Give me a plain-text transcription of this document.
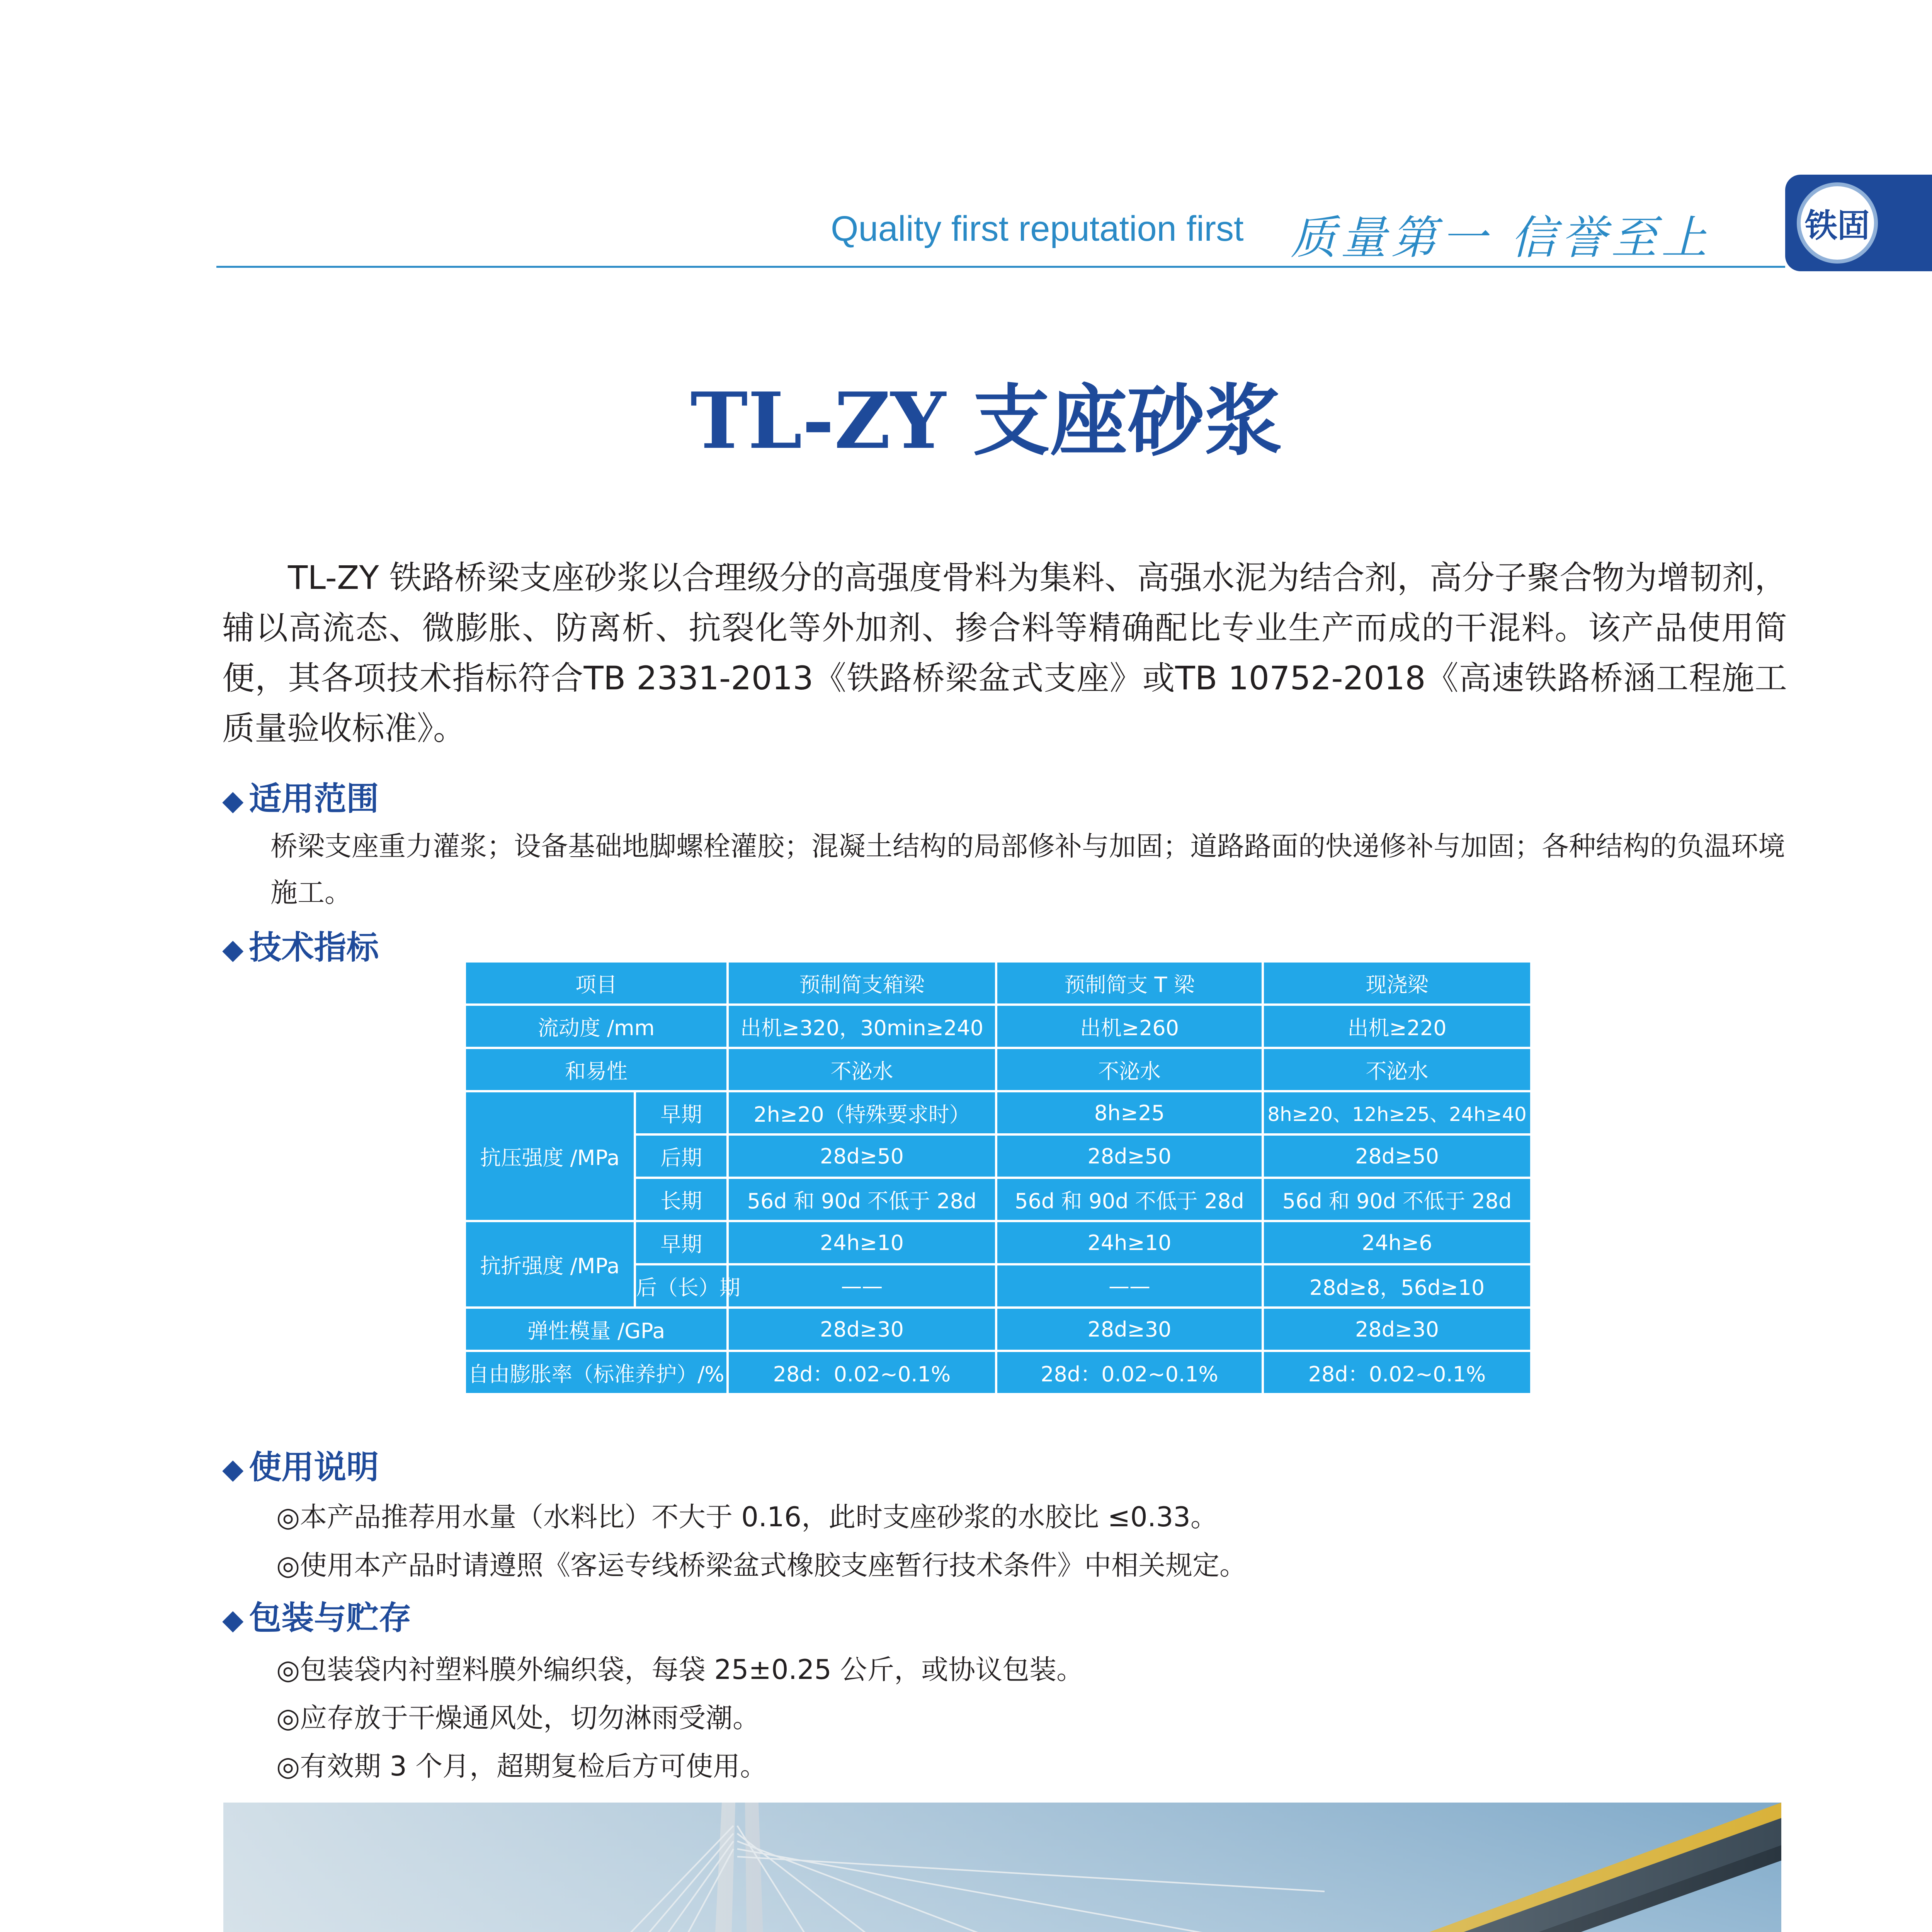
Quality first reputation first 质量第一 信誉至上	铁固
TL-ZY 支座砂浆
TL-ZY 铁路桥梁支座砂浆以合理级分的高强度骨料为集料、高强水泥为结合剂，高分子聚合物为增韧剂，辅以高流态、微膨胀、防离析、抗裂化等外加剂、掺合料等精确配比专业生产而成的干混料。该产品使用简便，其各项技术指标符合TB 2331-2013《铁路桥梁盆式支座》或TB 10752-2018《高速铁路桥涵工程施工质量验收标准》。
◆ 适用范围
桥梁支座重力灌浆；设备基础地脚螺栓灌胶；混凝土结构的局部修补与加固；道路路面的快递修补与加固；各种结构的负温环境施工。
◆ 技术指标
项目		预制简支箱梁	预制简支 T 梁	现浇梁
流动度 /mm		出机≥320，30min≥240	出机≥260	出机≥220
和易性		不泌水	不泌水	不泌水
抗压强度 /MPa	早期	2h≥20（特殊要求时）	8h≥25	8h≥20、12h≥25、24h≥40
	后期	28d≥50	28d≥50	28d≥50
	长期	56d 和 90d 不低于 28d	56d 和 90d 不低于 28d	56d 和 90d 不低于 28d
抗折强度 /MPa	早期	24h≥10	24h≥10	24h≥6
	后（长）期	——	——	28d≥8，56d≥10
弹性模量 /GPa		28d≥30	28d≥30	28d≥30
自由膨胀率（标准养护）/%		28d：0.02~0.1%	28d：0.02~0.1%	28d：0.02~0.1%
◆ 使用说明
◎本产品推荐用水量（水料比）不大于 0.16，此时支座砂浆的水胶比 ≤0.33。
◎使用本产品时请遵照《客运专线桥梁盆式橡胶支座暂行技术条件》中相关规定。
◆ 包装与贮存
◎包装袋内衬塑料膜外编织袋，每袋 25±0.25 公斤，或协议包装。
◎应存放于干燥通风处，切勿淋雨受潮。
◎有效期 3 个月，超期复检后方可使用。
